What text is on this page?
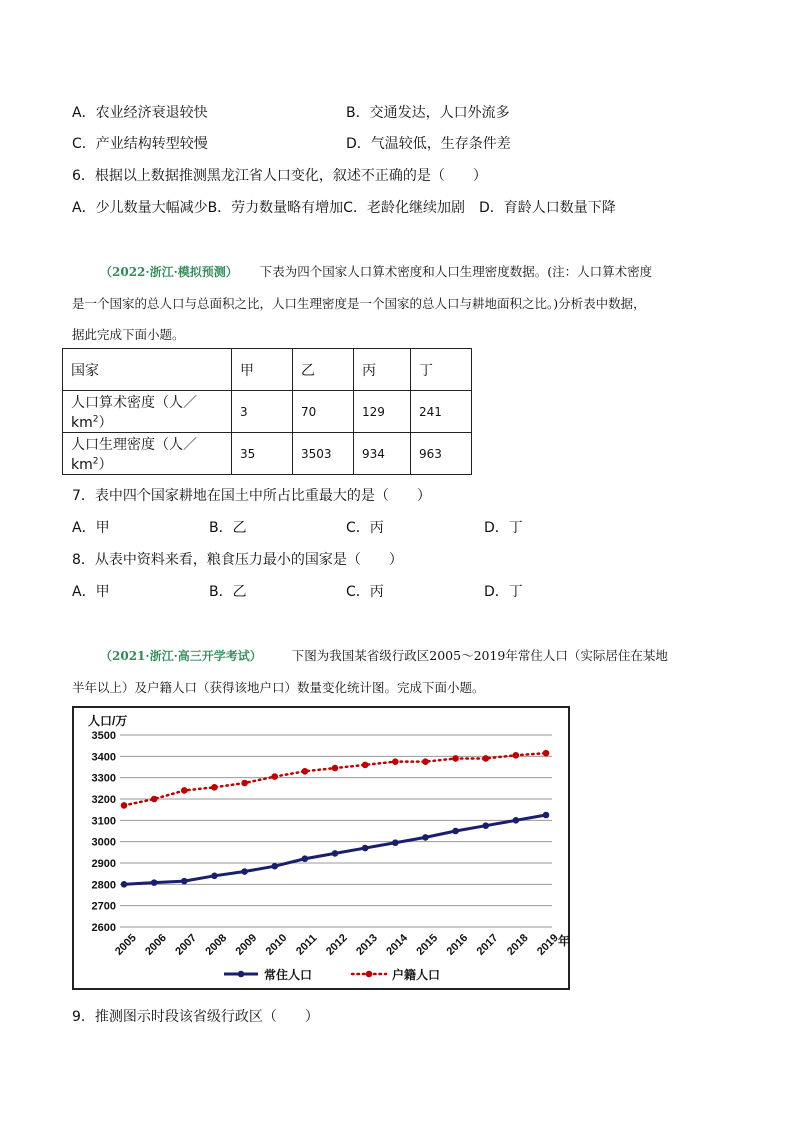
A．农业经济衰退较快	B．交通发达，人口外流多
C．产业结构转型较慢	D．气温较低，生存条件差
6．根据以上数据推测黑龙江省人口变化，叙述不正确的是（　　）
A．少儿数量大幅减少B．劳力数量略有增加C．老龄化继续加剧　D．育龄人口数量下降
（2022·浙江·模拟预测） 下表为四个国家人口算术密度和人口生理密度数据。(注：人口算术密度
是一个国家的总人口与总面积之比，人口生理密度是一个国家的总人口与耕地面积之比。)分析表中数据，
据此完成下面小题。
国家	甲	乙	丙	丁
人口算术密度（人$/km^2$）	3	70	129	241
人口生理密度（人$/km^2$）	35	3503	934	963
7．表中四个国家耕地在国土中所占比重最大的是（　　）
A．甲	B．乙	C．丙	D．丁
8．从表中资料来看，粮食压力最小的国家是（　　）
A．甲	B．乙	C．丙	D．丁
（2021·浙江·高三开学考试） 下图为我国某省级行政区2005～2019年常住人口（实际居住在某地
半年以上）及户籍人口（获得该地户口）数量变化统计图。完成下面小题。
2600
2700
2800
2900
3000
3100
3200
3300
3400
3500
人口/万
2005 2006 2007 2008 2009 2010 2011 2012 2013 2014 2015 2016 2017 2018 2019
年
常住人口	户籍人口
9．推测图示时段该省级行政区（　　）
